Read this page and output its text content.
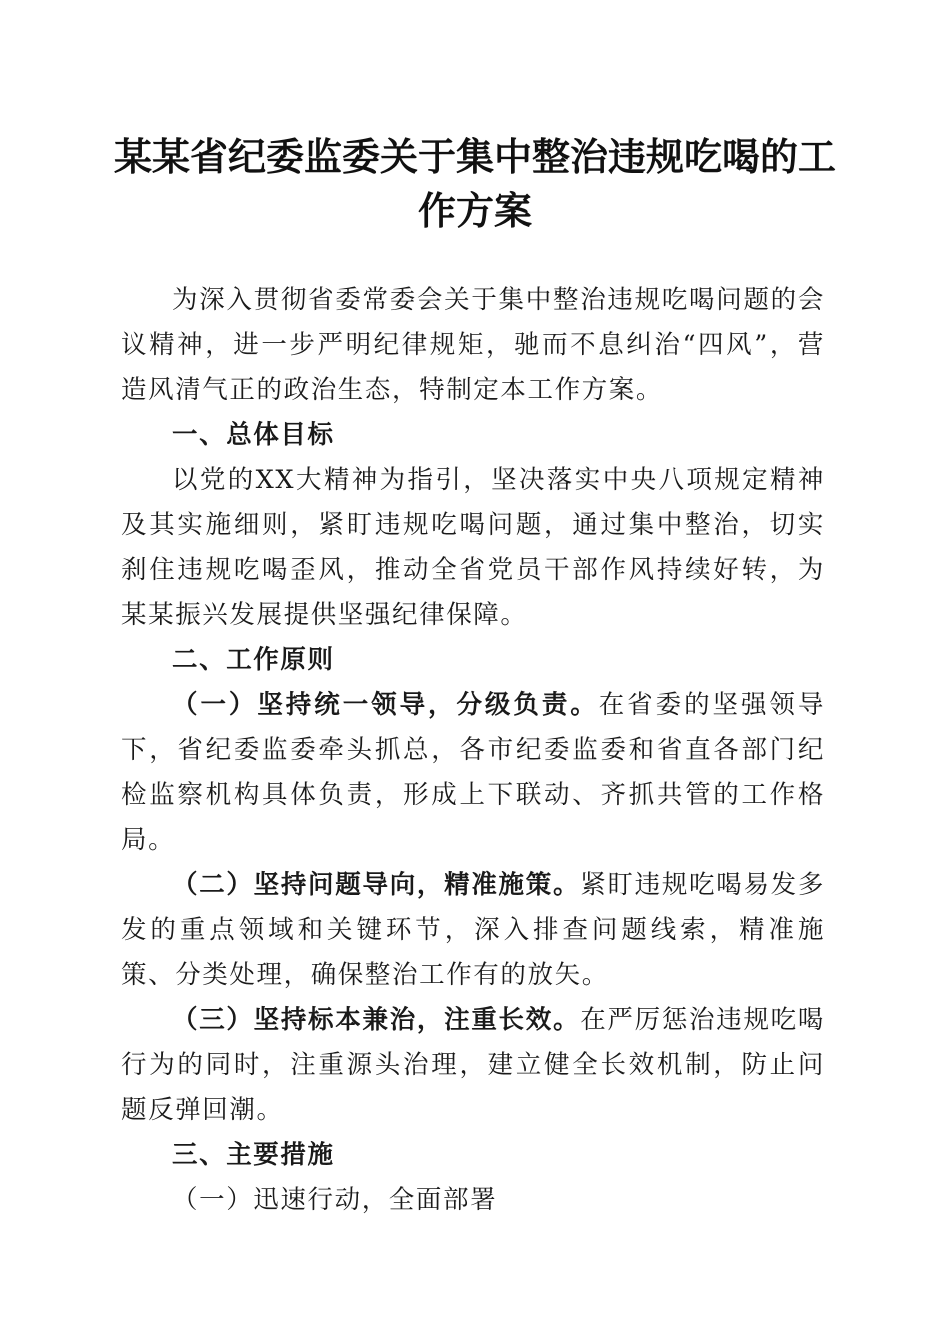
某某省纪委监委关于集中整治违规吃喝的工作方案

为深入贯彻省委常委会关于集中整治违规吃喝问题的会议精神，进一步严明纪律规矩，驰而不息纠治“四风”，营造风清气正的政治生态，特制定本工作方案。

一、总体目标

以党的XX大精神为指引，坚决落实中央八项规定精神及其实施细则，紧盯违规吃喝问题，通过集中整治，切实刹住违规吃喝歪风，推动全省党员干部作风持续好转，为某某振兴发展提供坚强纪律保障。

二、工作原则

（一）坚持统一领导，分级负责。在省委的坚强领导下，省纪委监委牵头抓总，各市纪委监委和省直各部门纪检监察机构具体负责，形成上下联动、齐抓共管的工作格局。

（二）坚持问题导向，精准施策。紧盯违规吃喝易发多发的重点领域和关键环节，深入排查问题线索，精准施策、分类处理，确保整治工作有的放矢。

（三）坚持标本兼治，注重长效。在严厉惩治违规吃喝行为的同时，注重源头治理，建立健全长效机制，防止问题反弹回潮。

三、主要措施

（一）迅速行动，全面部署
